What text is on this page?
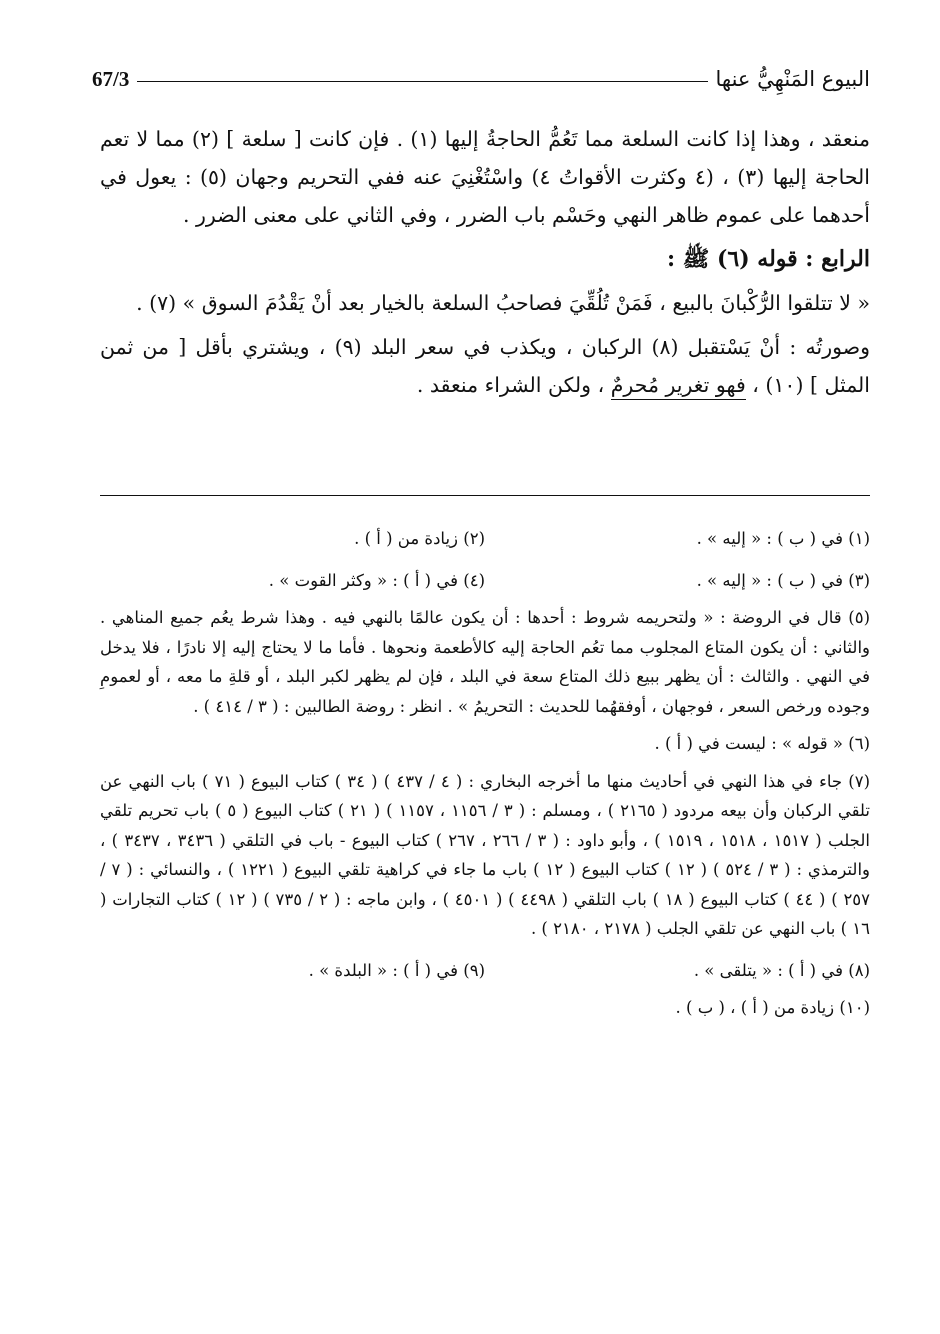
67/3	البيوع المَنْهِيُّ عنها

منعقد ، وهذا إذا كانت السلعة مما تَعُمُّ الحاجةُ إليها (١) . فإن كانت [ سلعة ] (٢) مما لا تعم الحاجة إليها (٣) ، (٤ وكثرت الأقواتُ ٤) واسْتُغْنِيَ عنه ففي التحريم وجهان (٥) : يعول في أحدهما على عموم ظاهر النهي وحَسْم باب الضرر ، وفي الثاني على معنى الضرر .

الرابع : قوله (٦) ﷺ :

« لا تتلقوا الرُّكْبانَ بالبيع ، فَمَنْ تُلُقِّيَ فصاحبُ السلعة بالخيار بعد أنْ يَقْدُمَ السوق » (٧) .

وصورتُه : أنْ يَسْتقبل (٨) الركبان ، ويكذب في سعر البلد (٩) ، ويشتري بأقل [ من ثمن المثل ] (١٠) ، فهو تغرير مُحرمٌ ، ولكن الشراء منعقد .

(١) في ( ب ) : « إليه » .
(٢) زيادة من ( أ ) .
(٣) في ( ب ) : « إليه » .
(٤) في ( أ ) : « وكثر القوت » .

(٥) قال في الروضة : « ولتحريمه شروط : أحدها : أن يكون عالمًا بالنهي فيه . وهذا شرط يعُم جميع المناهي . والثاني : أن يكون المتاع المجلوب مما تعُم الحاجة إليه كالأطعمة ونحوها . فأما ما لا يحتاج إليه إلا نادرًا ، فلا يدخل في النهي . والثالث : أن يظهر ببيع ذلك المتاع سعة في البلد ، فإن لم يظهر لكبر البلد ، أو قلةِ ما معه ، أو لعمومِ وجوده ورخص السعر ، فوجهان ، أوفقهُما للحديث : التحريمُ » . انظر : روضة الطالبين : ( ٣ / ٤١٤ ) .

(٦) « قوله » : ليست في ( أ ) .

(٧) جاء في هذا النهي في أحاديث منها ما أخرجه البخاري : ( ٤ / ٤٣٧ ) ( ٣٤ ) كتاب البيوع ( ٧١ ) باب النهي عن تلقي الركبان وأن بيعه مردود ( ٢١٦٥ ) ، ومسلم : ( ٣ / ١١٥٦ ، ١١٥٧ ) ( ٢١ ) كتاب البيوع ( ٥ ) باب تحريم تلقي الجلب ( ١٥١٧ ، ١٥١٨ ، ١٥١٩ ) ، وأبو داود : ( ٣ / ٢٦٦ ، ٢٦٧ ) كتاب البيوع - باب في التلقي ( ٣٤٣٦ ، ٣٤٣٧ ) ، والترمذي : ( ٣ / ٥٢٤ ) ( ١٢ ) كتاب البيوع ( ١٢ ) باب ما جاء في كراهية تلقي البيوع ( ١٢٢١ ) ، والنسائي : ( ٧ / ٢٥٧ ) ( ٤٤ ) كتاب البيوع ( ١٨ ) باب التلقي ( ٤٤٩٨ ) ( ٤٥٠١ ) ، وابن ماجه : ( ٢ / ٧٣٥ ) ( ١٢ ) كتاب التجارات ( ١٦ ) باب النهي عن تلقي الجلب ( ٢١٧٨ ، ٢١٨٠ ) .

(٨) في ( أ ) : « يتلقى » .
(٩) في ( أ ) : « البلدة » .

(١٠) زيادة من ( أ ) ، ( ب ) .
